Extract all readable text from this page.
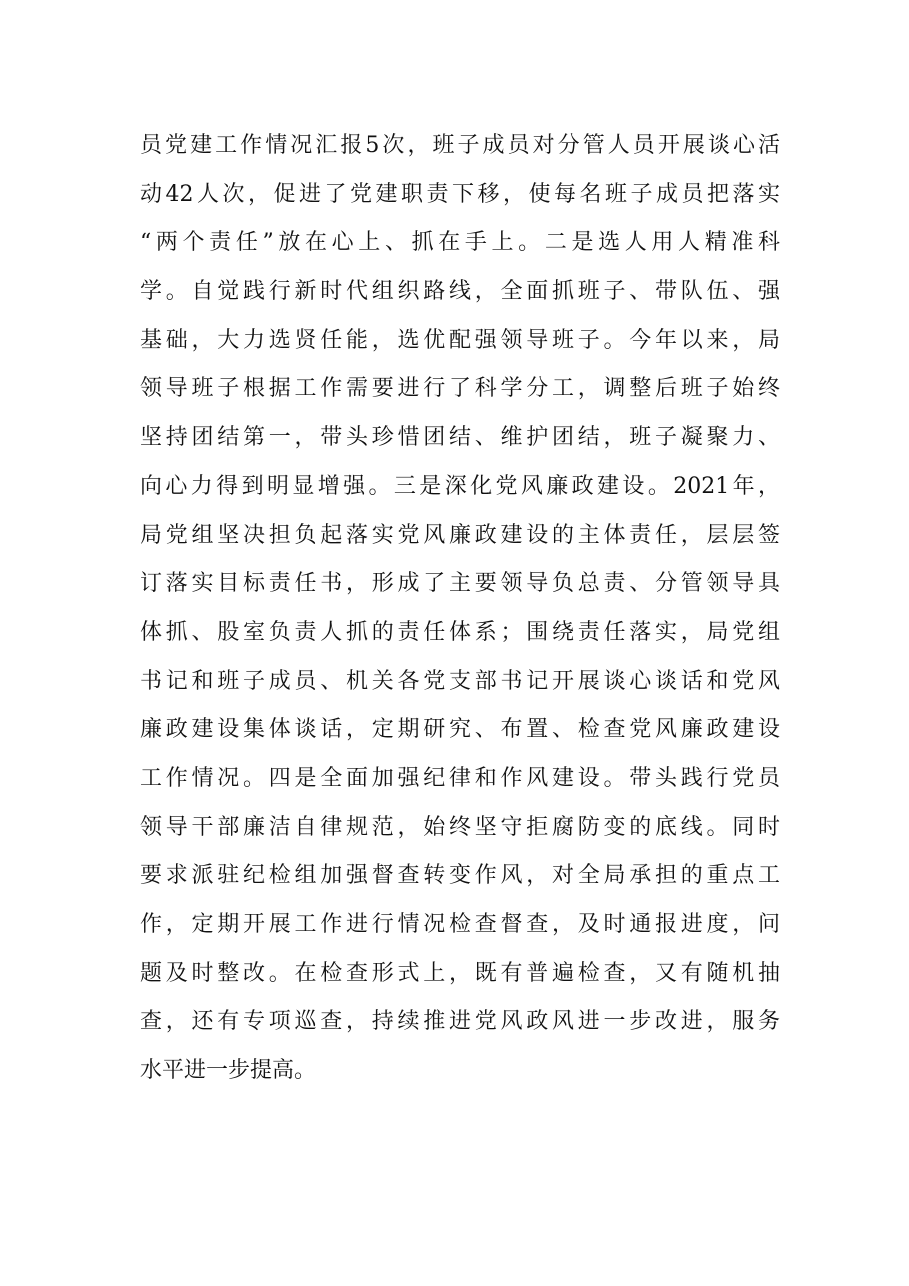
员党建工作情况汇报5次，班子成员对分管人员开展谈心活
动42人次，促进了党建职责下移，使每名班子成员把落实
“两个责任”放在心上、抓在手上。二是选人用人精准科
学。自觉践行新时代组织路线，全面抓班子、带队伍、强
基础，大力选贤任能，选优配强领导班子。今年以来，局
领导班子根据工作需要进行了科学分工，调整后班子始终
坚持团结第一，带头珍惜团结、维护团结，班子凝聚力、
向心力得到明显增强。三是深化党风廉政建设。2021年，
局党组坚决担负起落实党风廉政建设的主体责任，层层签
订落实目标责任书，形成了主要领导负总责、分管领导具
体抓、股室负责人抓的责任体系；围绕责任落实，局党组
书记和班子成员、机关各党支部书记开展谈心谈话和党风
廉政建设集体谈话，定期研究、布置、检查党风廉政建设
工作情况。四是全面加强纪律和作风建设。带头践行党员
领导干部廉洁自律规范，始终坚守拒腐防变的底线。同时
要求派驻纪检组加强督查转变作风，对全局承担的重点工
作，定期开展工作进行情况检查督查，及时通报进度，问
题及时整改。在检查形式上，既有普遍检查，又有随机抽
查，还有专项巡查，持续推进党风政风进一步改进，服务
水平进一步提高。
